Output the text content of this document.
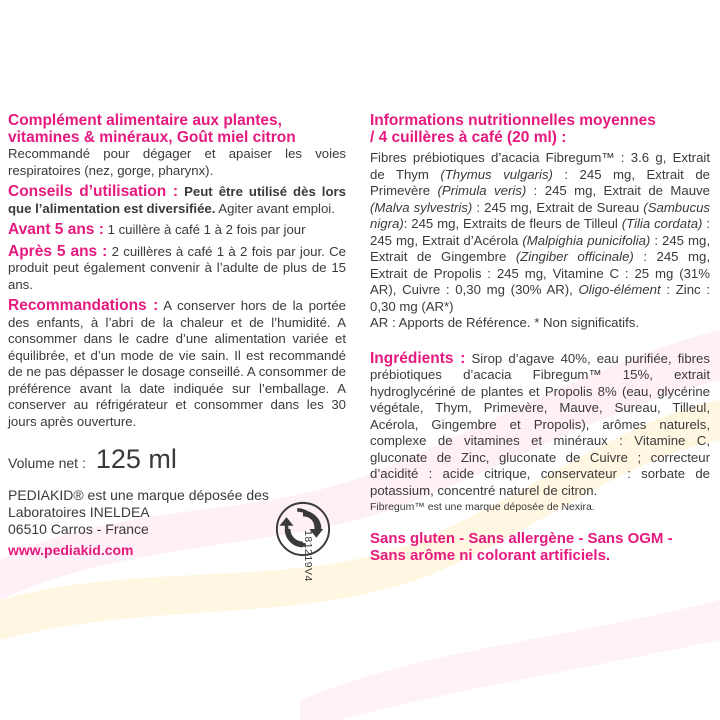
Complément alimentaire aux plantes,
vitamines & minéraux, Goût miel citron
Recommandé pour dégager et apaiser les voies respiratoires (nez, gorge, pharynx).
Conseils d’utilisation : Peut être utilisé dès lors que l’alimentation est diversifiée. Agiter avant emploi.
Avant 5 ans : 1 cuillère à café 1 à 2 fois par jour
Après 5 ans : 2 cuillères à café 1 à 2 fois par jour. Ce produit peut également convenir à l’adulte de plus de 15 ans.
Recommandations : A conserver hors de la portée des enfants, à l’abri de la chaleur et de l’humidité. A consommer dans le cadre d’une alimentation variée et équilibrée, et d’un mode de vie sain. Il est recommandé de ne pas dépasser le dosage conseillé. A consommer de préférence avant la date indiquée sur l’emballage. A conserver au réfrigérateur et consommer dans les 30 jours après ouverture.
Volume net : 125 ml
PEDIAKID® est une marque déposée des
Laboratoires INELDEA
06510 Carros - France
www.pediakid.com	181219V4
Informations nutritionnelles moyennes
/ 4 cuillères à café (20 ml) :
Fibres prébiotiques d’acacia Fibregum™ : 3.6 g, Extrait de Thym (Thymus vulgaris) : 245 mg, Extrait de Primevère (Primula veris) : 245 mg, Extrait de Mauve (Malva sylvestris) : 245 mg, Extrait de Sureau (Sambucus nigra): 245 mg, Extraits de fleurs de Tilleul (Tilia cordata) : 245 mg, Extrait d’Acérola (Malpighia punicifolia) : 245 mg, Extrait de Gingembre (Zingiber officinale) : 245 mg, Extrait de Propolis : 245 mg, Vitamine C : 25 mg (31% AR), Cuivre : 0,30 mg (30% AR), Oligo-élément : Zinc : 0,30 mg (AR*)
AR : Apports de Référence. * Non significatifs.
Ingrédients : Sirop d’agave 40%, eau purifiée, fibres prébiotiques d’acacia Fibregum™ 15%, extrait hydroglycériné de plantes et Propolis 8% (eau, glycérine végétale, Thym, Primevère, Mauve, Sureau, Tilleul, Acérola, Gingembre et Propolis), arômes naturels, complexe de vitamines et minéraux : Vitamine C, gluconate de Zinc, gluconate de Cuivre ; correcteur d’acidité : acide citrique, conservateur : sorbate de potassium, concentré naturel de citron.
Fibregum™ est une marque déposée de Nexira.
Sans gluten - Sans allergène - Sans OGM -
Sans arôme ni colorant artificiels.
